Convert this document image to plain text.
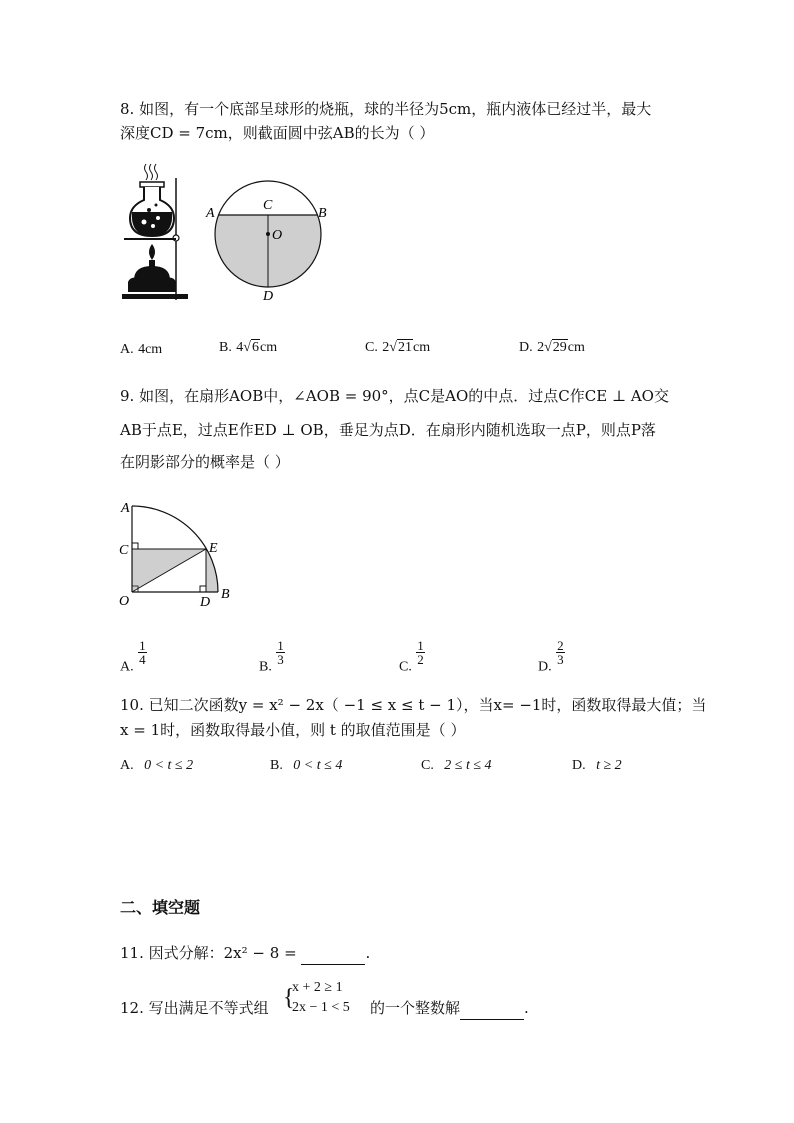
8. 如图，有一个底部呈球形的烧瓶，球的半径为5cm，瓶内液体已经过半，最大
深度CD = 7cm，则截面圆中弦AB的长为（ ）
A	B
C
O
D
A. 4cm	B. 4√6cm	C. 2√21cm	D. 2√29cm
9. 如图，在扇形AOB中，∠AOB = 90°，点C是AO的中点．过点C作CE ⊥ AO交
AB于点E，过点E作ED ⊥ OB，垂足为点D．在扇形内随机选取一点P，则点P落
在阴影部分的概率是（ ）
A
C	E
O	D
B
A.
$\frac{1}{4}$
B.
$\frac{1}{3}$
C.
$\frac{1}{2}$
D.
$\frac{2}{3}$
10. 已知二次函数y = x² − 2x（ −1 ≤ x ≤ t − 1），当x= −1时，函数取得最大值；当
x = 1时，函数取得最小值，则 t 的取值范围是（ ）
A. 0 < t ≤ 2	B. 0 < t ≤ 4	C. 2 ≤ t ≤ 4	D. t ≥ 2
二、填空题
11. 因式分解：2x² − 8 =	.
12. 写出满足不等式组 {
x + 2 ≥ 1
2x − 1 < 5 的一个整数解	.
